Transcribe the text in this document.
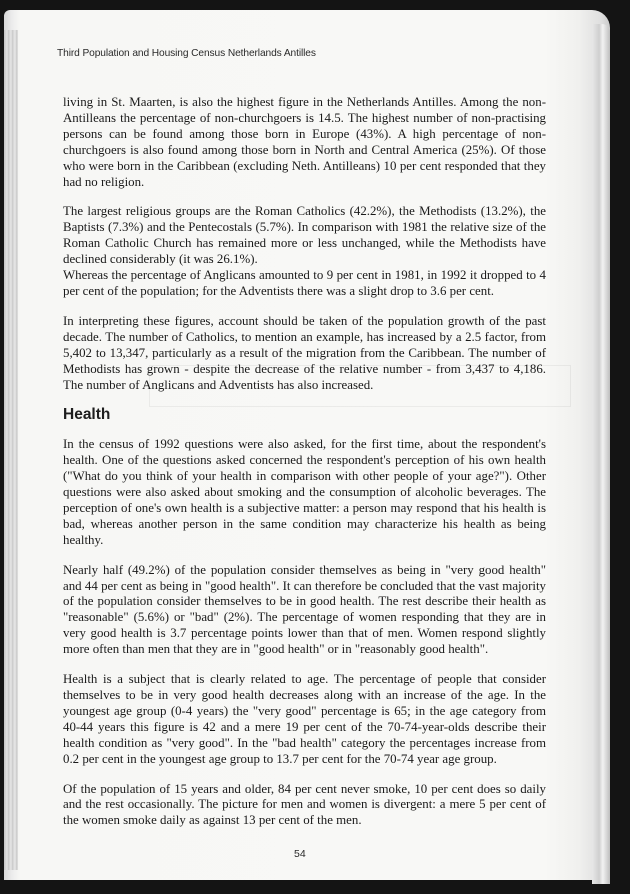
Third Population and Housing Census Netherlands Antilles

living in St. Maarten, is also the highest figure in the Netherlands Antilles. Among the non-Antilleans the percentage of non-churchgoers is 14.5. The highest number of non-practising persons can be found among those born in Europe (43%). A high percentage of non-churchgoers is also found among those born in North and Central America (25%). Of those who were born in the Caribbean (excluding Neth. Antilleans) 10 per cent responded that they had no religion.

The largest religious groups are the Roman Catholics (42.2%), the Methodists (13.2%), the Baptists (7.3%) and the Pentecostals (5.7%). In comparison with 1981 the relative size of the Roman Catholic Church has remained more or less unchanged, while the Methodists have declined considerably (it was 26.1%).

Whereas the percentage of Anglicans amounted to 9 per cent in 1981, in 1992 it dropped to 4 per cent of the population; for the Adventists there was a slight drop to 3.6 per cent.

In interpreting these figures, account should be taken of the population growth of the past decade. The number of Catholics, to mention an example, has increased by a 2.5 factor, from 5,402 to 13,347, particularly as a result of the migration from the Caribbean. The number of Methodists has grown - despite the decrease of the relative number - from 3,437 to 4,186. The number of Anglicans and Adventists has also increased.

Health

In the census of 1992 questions were also asked, for the first time, about the respondent's health. One of the questions asked concerned the respondent's perception of his own health ("What do you think of your health in comparison with other people of your age?"). Other questions were also asked about smoking and the consumption of alcoholic beverages. The perception of one's own health is a subjective matter: a person may respond that his health is bad, whereas another person in the same condition may characterize his health as being healthy.

Nearly half (49.2%) of the population consider themselves as being in "very good health" and 44 per cent as being in "good health". It can therefore be concluded that the vast majority of the population consider themselves to be in good health. The rest describe their health as "reasonable" (5.6%) or "bad" (2%). The percentage of women responding that they are in very good health is 3.7 percentage points lower than that of men. Women respond slightly more often than men that they are in "good health" or in "reasonably good health".

Health is a subject that is clearly related to age. The percentage of people that consider themselves to be in very good health decreases along with an increase of the age. In the youngest age group (0-4 years) the "very good" percentage is 65; in the age category from 40-44 years this figure is 42 and a mere 19 per cent of the 70-74-year-olds describe their health condition as "very good". In the "bad health" category the percentages increase from 0.2 per cent in the youngest age group to 13.7 per cent for the 70-74 year age group.

Of the population of 15 years and older, 84 per cent never smoke, 10 per cent does so daily and the rest occasionally. The picture for men and women is divergent: a mere 5 per cent of the women smoke daily as against 13 per cent of the men.

54
